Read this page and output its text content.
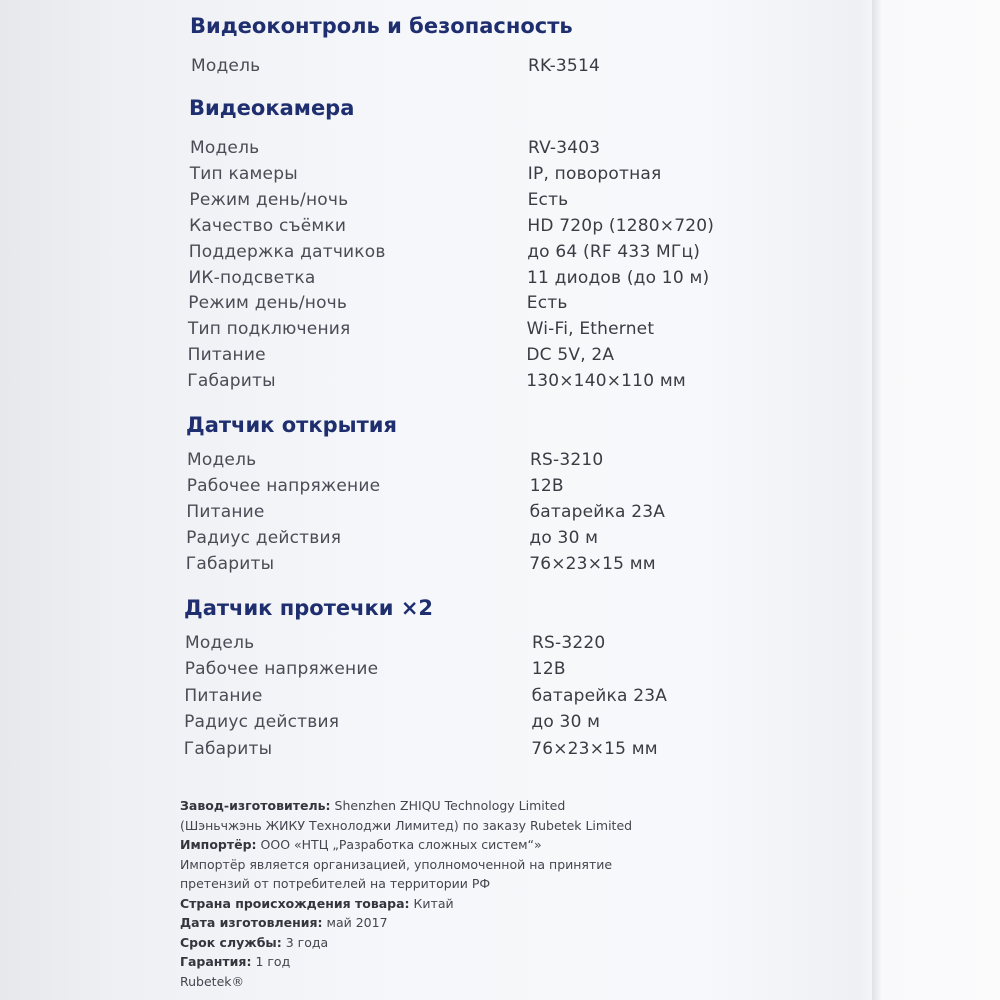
Видеоконтроль и безопасность
Модель	RK-3514
Видеокамера
Модель	RV-3403
Тип камеры	IP, поворотная
Режим день/ночь	Есть
Качество съёмки	HD 720p (1280×720)
Поддержка датчиков	до 64 (RF 433 МГц)
ИК-подсветка	11 диодов (до 10 м)
Режим день/ночь	Есть
Тип подключения	Wi-Fi, Ethernet
Питание	DC 5V, 2A
Габариты	130×140×110 мм
Датчик открытия
Модель	RS-3210
Рабочее напряжение	12В
Питание	батарейка 23А
Радиус действия	до 30 м
Габариты	76×23×15 мм
Датчик протечки ×2
Модель	RS-3220
Рабочее напряжение	12В
Питание	батарейка 23А
Радиус действия	до 30 м
Габариты	76×23×15 мм
Завод-изготовитель: Shenzhen ZHIQU Technology Limited
(Шэньчжэнь ЖИКУ Технолоджи Лимитед) по заказу Rubetek Limited
Импортёр: ООО «НТЦ „Разработка сложных систем“»
Импортёр является организацией, уполномоченной на принятие
претензий от потребителей на территории РФ
Страна происхождения товара: Китай
Дата изготовления: май 2017
Срок службы: 3 года
Гарантия: 1 год
Rubetek®
